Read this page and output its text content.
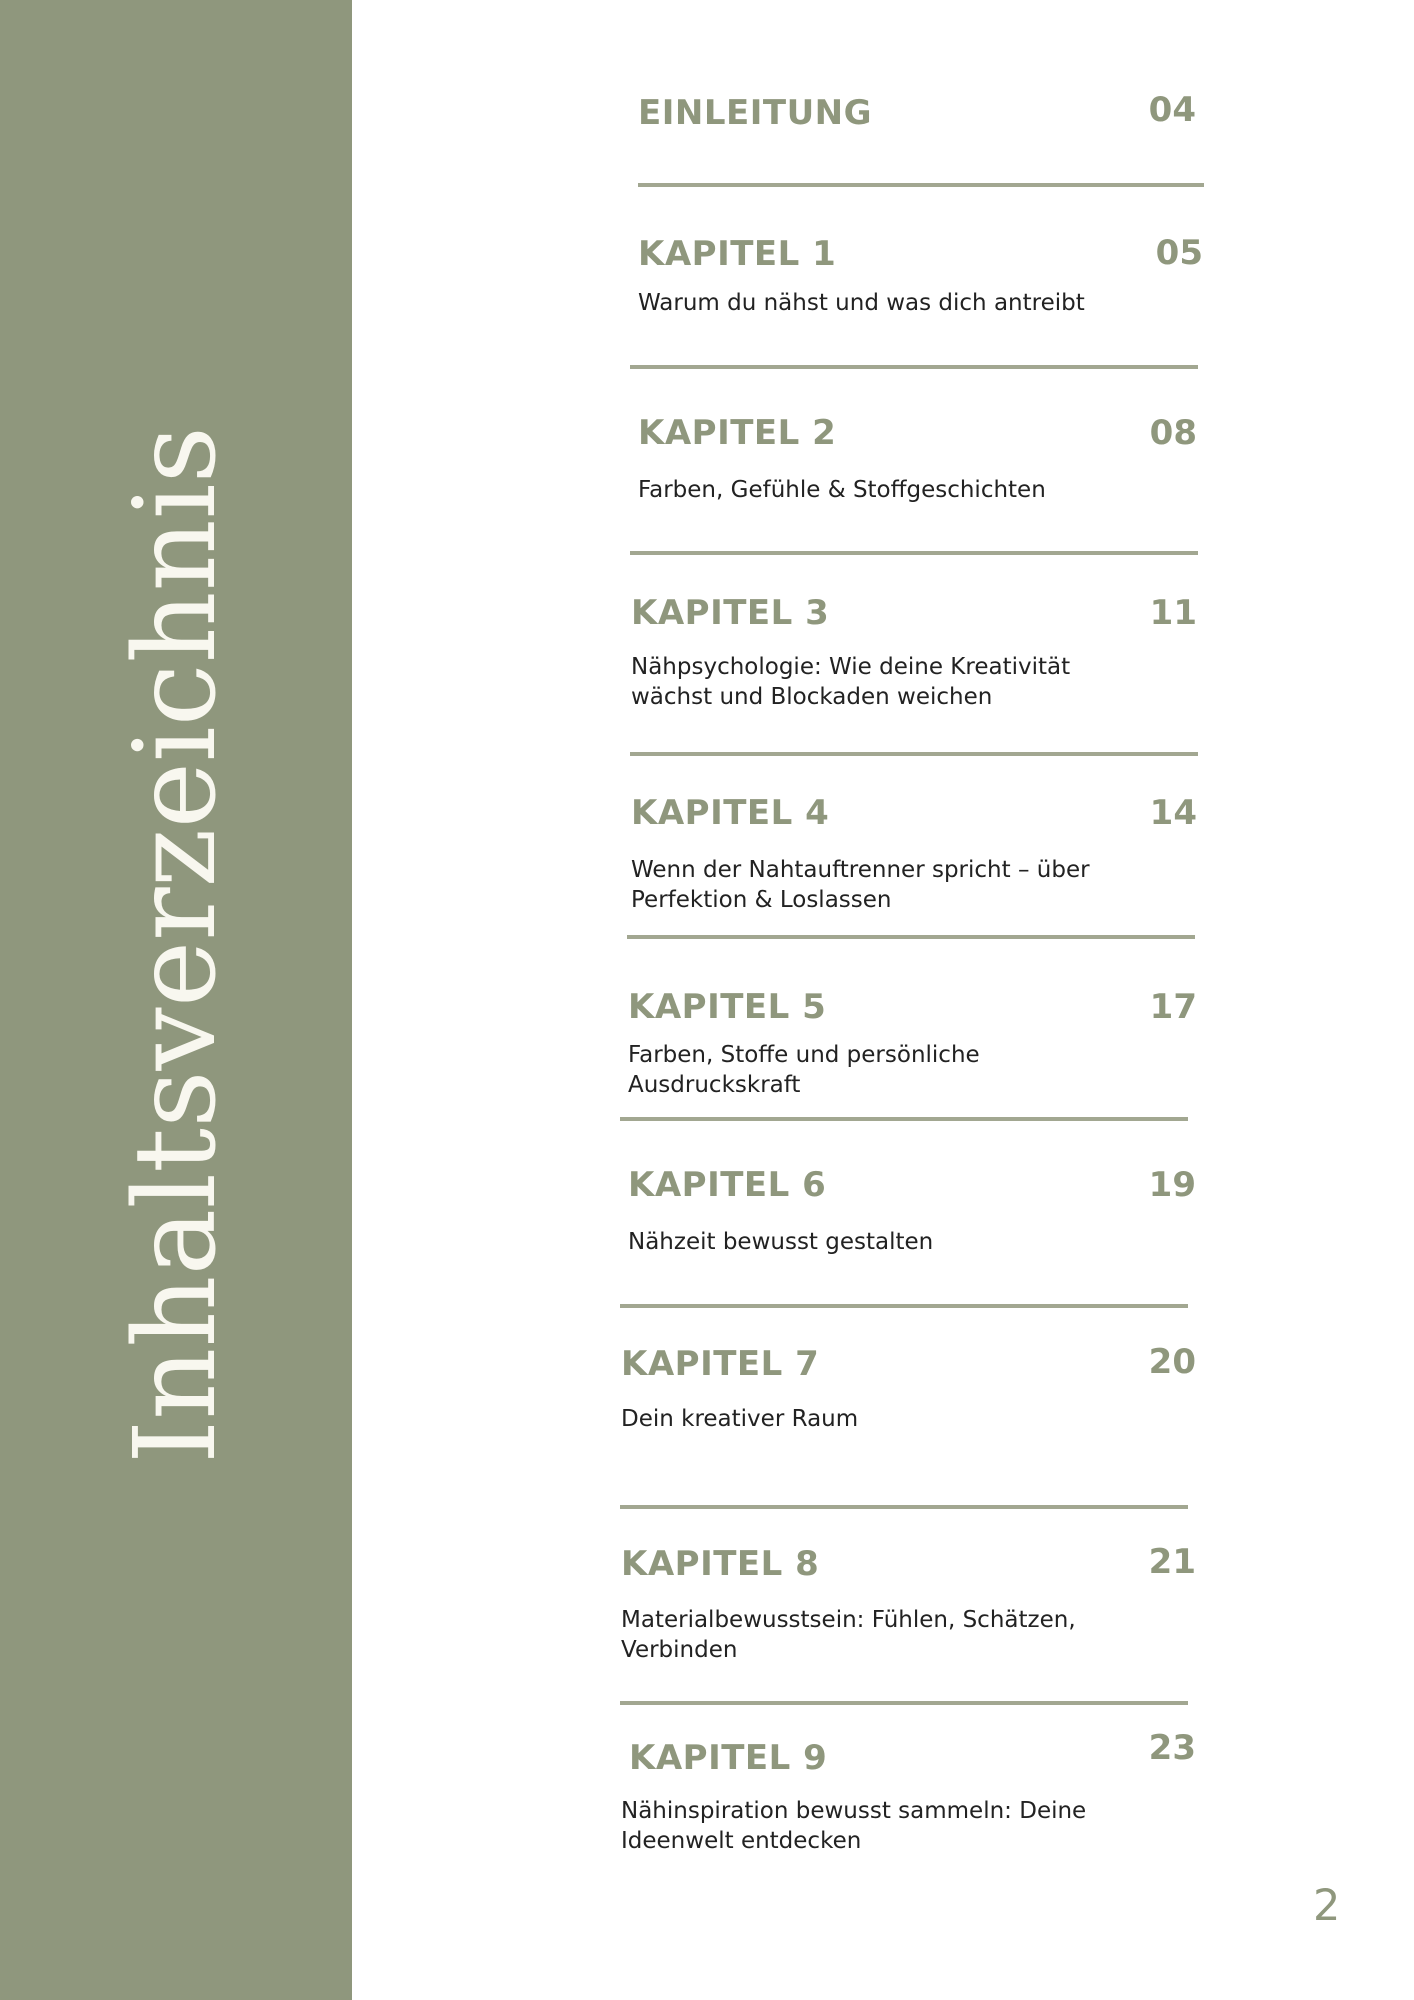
Inhaltsverzeichnis
EINLEITUNG	04
KAPITEL 1	05
Warum du nähst und was dich antreibt
KAPITEL 2	08
Farben, Gefühle & Stoffgeschichten
KAPITEL 3	11
Nähpsychologie: Wie deine Kreativität wächst und Blockaden weichen
KAPITEL 4	14
Wenn der Nahtauftrenner spricht – über Perfektion & Loslassen
KAPITEL 5	17
Farben, Stoffe und persönliche Ausdruckskraft
KAPITEL 6	19
Nähzeit bewusst gestalten
KAPITEL 7	20
Dein kreativer Raum
KAPITEL 8	21
Materialbewusstsein: Fühlen, Schätzen, Verbinden
KAPITEL 9	23
Nähinspiration bewusst sammeln: Deine Ideenwelt entdecken
2
